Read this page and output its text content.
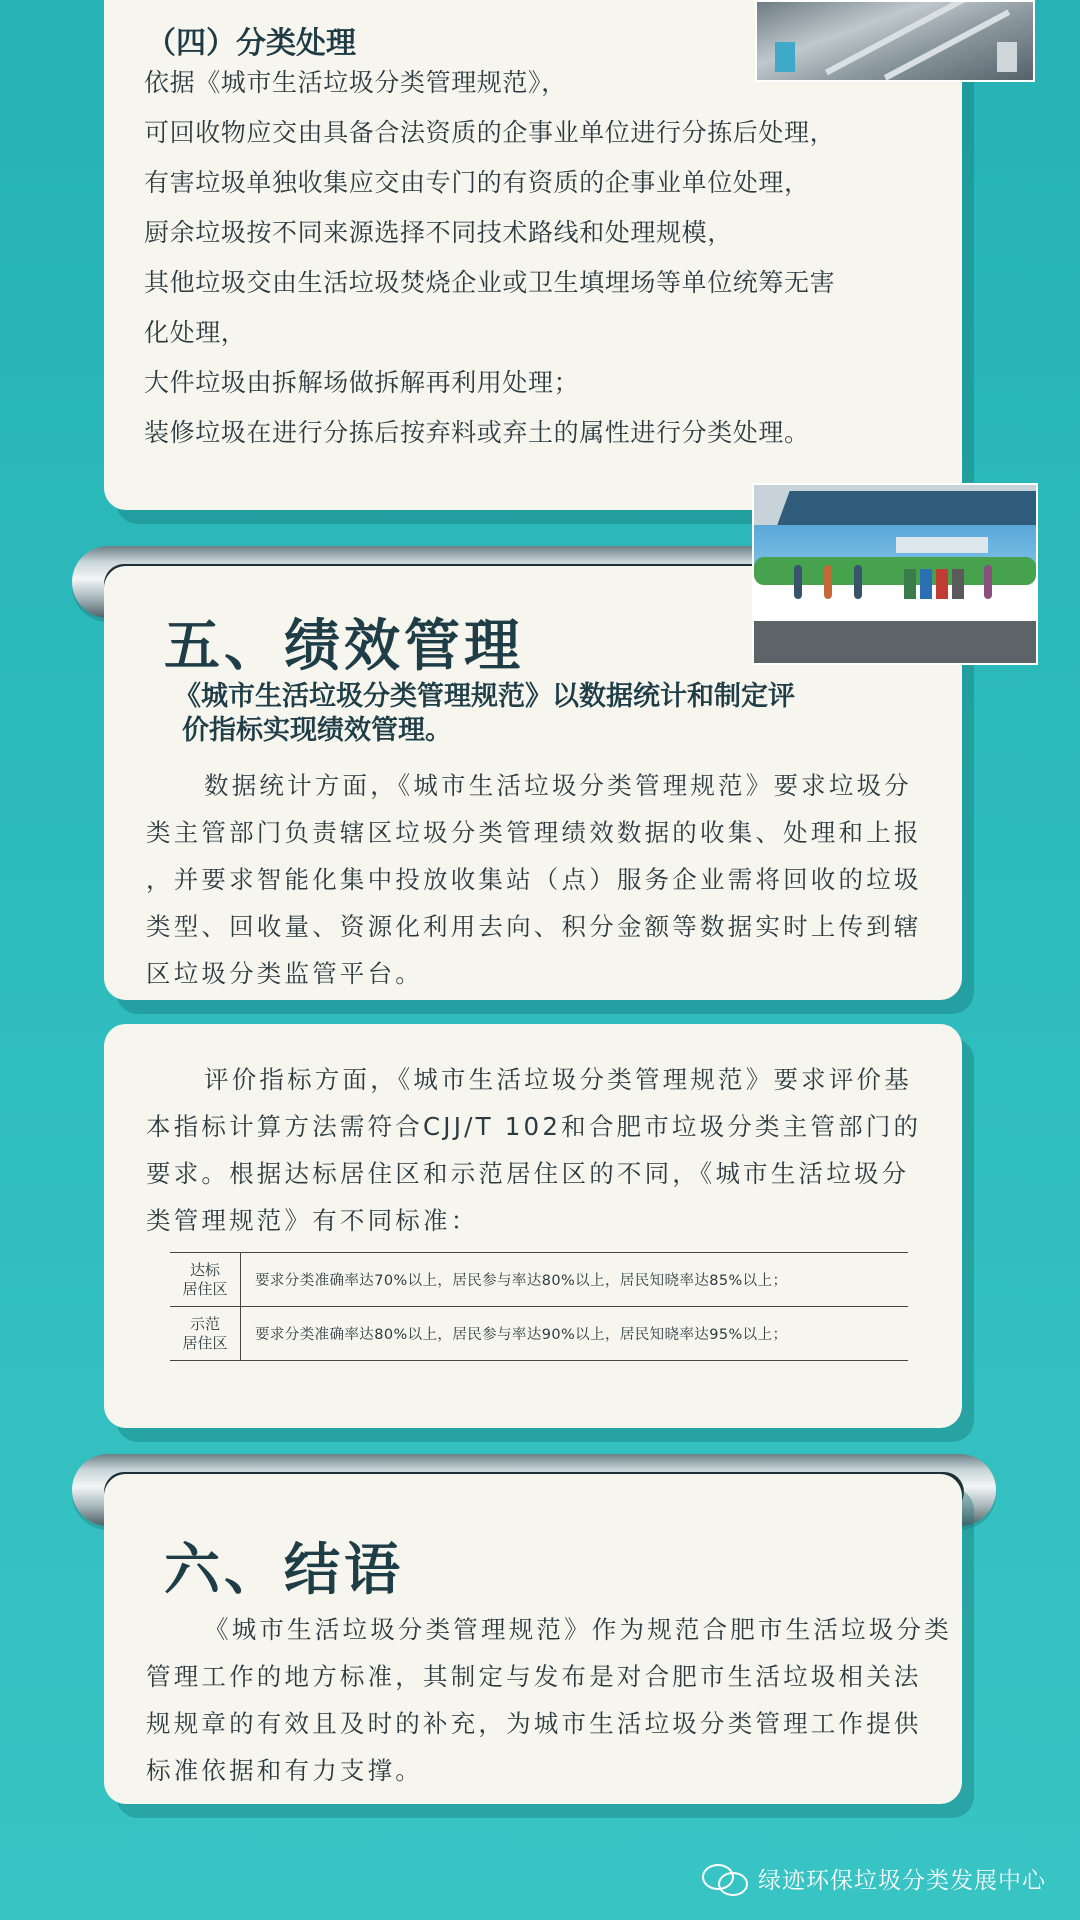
（四）分类处理
依据《城市生活垃圾分类管理规范》，
可回收物应交由具备合法资质的企事业单位进行分拣后处理，
有害垃圾单独收集应交由专门的有资质的企事业单位处理，
厨余垃圾按不同来源选择不同技术路线和处理规模，
其他垃圾交由生活垃圾焚烧企业或卫生填埋场等单位统筹无害
化处理，
大件垃圾由拆解场做拆解再利用处理；
装修垃圾在进行分拣后按弃料或弃土的属性进行分类处理。
五、绩效管理
《城市生活垃圾分类管理规范》以数据统计和制定评
价指标实现绩效管理。
数据统计方面，《城市生活垃圾分类管理规范》要求垃圾分
类主管部门负责辖区垃圾分类管理绩效数据的收集、处理和上报
，并要求智能化集中投放收集站（点）服务企业需将回收的垃圾
类型、回收量、资源化利用去向、积分金额等数据实时上传到辖
区垃圾分类监管平台。
评价指标方面，《城市生活垃圾分类管理规范》要求评价基
本指标计算方法需符合CJJ/T 102和合肥市垃圾分类主管部门的
要求。根据达标居住区和示范居住区的不同，《城市生活垃圾分
类管理规范》有不同标准：
达标
居住区	要求分类准确率达70%以上，居民参与率达80%以上，居民知晓率达85%以上；

示范
居住区	要求分类准确率达80%以上，居民参与率达90%以上，居民知晓率达95%以上；
六、结语
《城市生活垃圾分类管理规范》作为规范合肥市生活垃圾分类
管理工作的地方标准，其制定与发布是对合肥市生活垃圾相关法
规规章的有效且及时的补充，为城市生活垃圾分类管理工作提供
标准依据和有力支撑。
绿迹环保垃圾分类发展中心
